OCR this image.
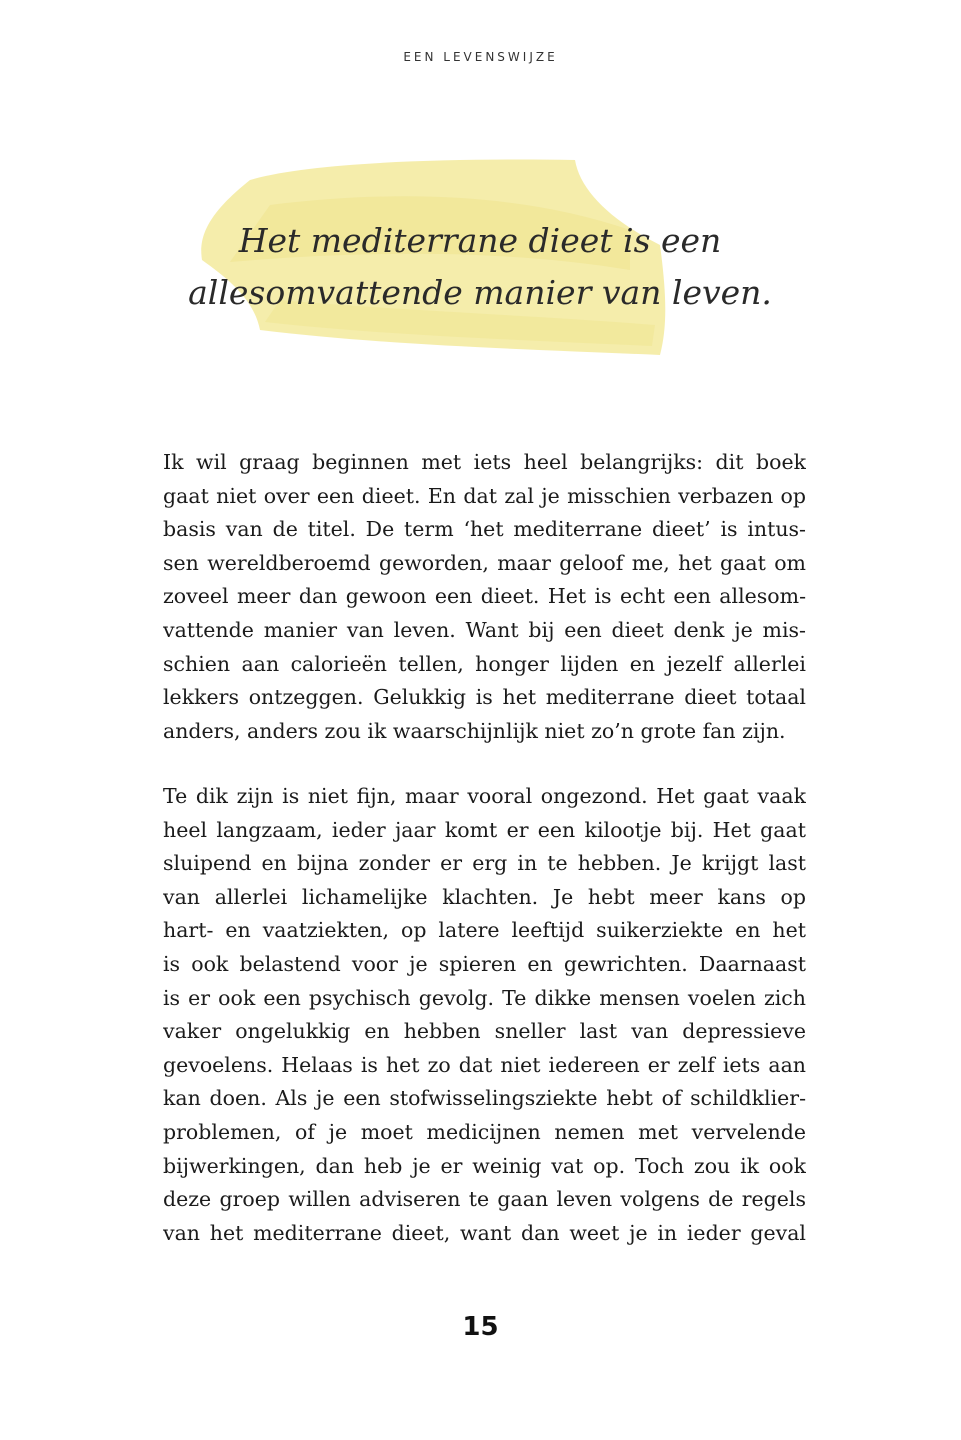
EEN LEVENSWIJZE
Het mediterrane dieet is een
allesomvattende manier van leven.
Ik wil graag beginnen met iets heel belangrijks: dit boek
gaat niet over een dieet. En dat zal je misschien verbazen op
basis van de titel. De term ‘het mediterrane dieet’ is intus-
sen wereldberoemd geworden, maar geloof me, het gaat om
zoveel meer dan gewoon een dieet. Het is echt een allesom-
vattende manier van leven. Want bij een dieet denk je mis-
schien aan calorieën tellen, honger lijden en jezelf allerlei
lekkers ontzeggen. Gelukkig is het mediterrane dieet totaal
anders, anders zou ik waarschijnlijk niet zo’n grote fan zijn.
Te dik zijn is niet fijn, maar vooral ongezond. Het gaat vaak
heel langzaam, ieder jaar komt er een kilootje bij. Het gaat
sluipend en bijna zonder er erg in te hebben. Je krijgt last
van allerlei lichamelijke klachten. Je hebt meer kans op
hart- en vaatziekten, op latere leeftijd suikerziekte en het
is ook belastend voor je spieren en gewrichten. Daarnaast
is er ook een psychisch gevolg. Te dikke mensen voelen zich
vaker ongelukkig en hebben sneller last van depressieve
gevoelens. Helaas is het zo dat niet iedereen er zelf iets aan
kan doen. Als je een stofwisselingsziekte hebt of schildklier-
problemen, of je moet medicijnen nemen met vervelende
bijwerkingen, dan heb je er weinig vat op. Toch zou ik ook
deze groep willen adviseren te gaan leven volgens de regels
van het mediterrane dieet, want dan weet je in ieder geval
15
